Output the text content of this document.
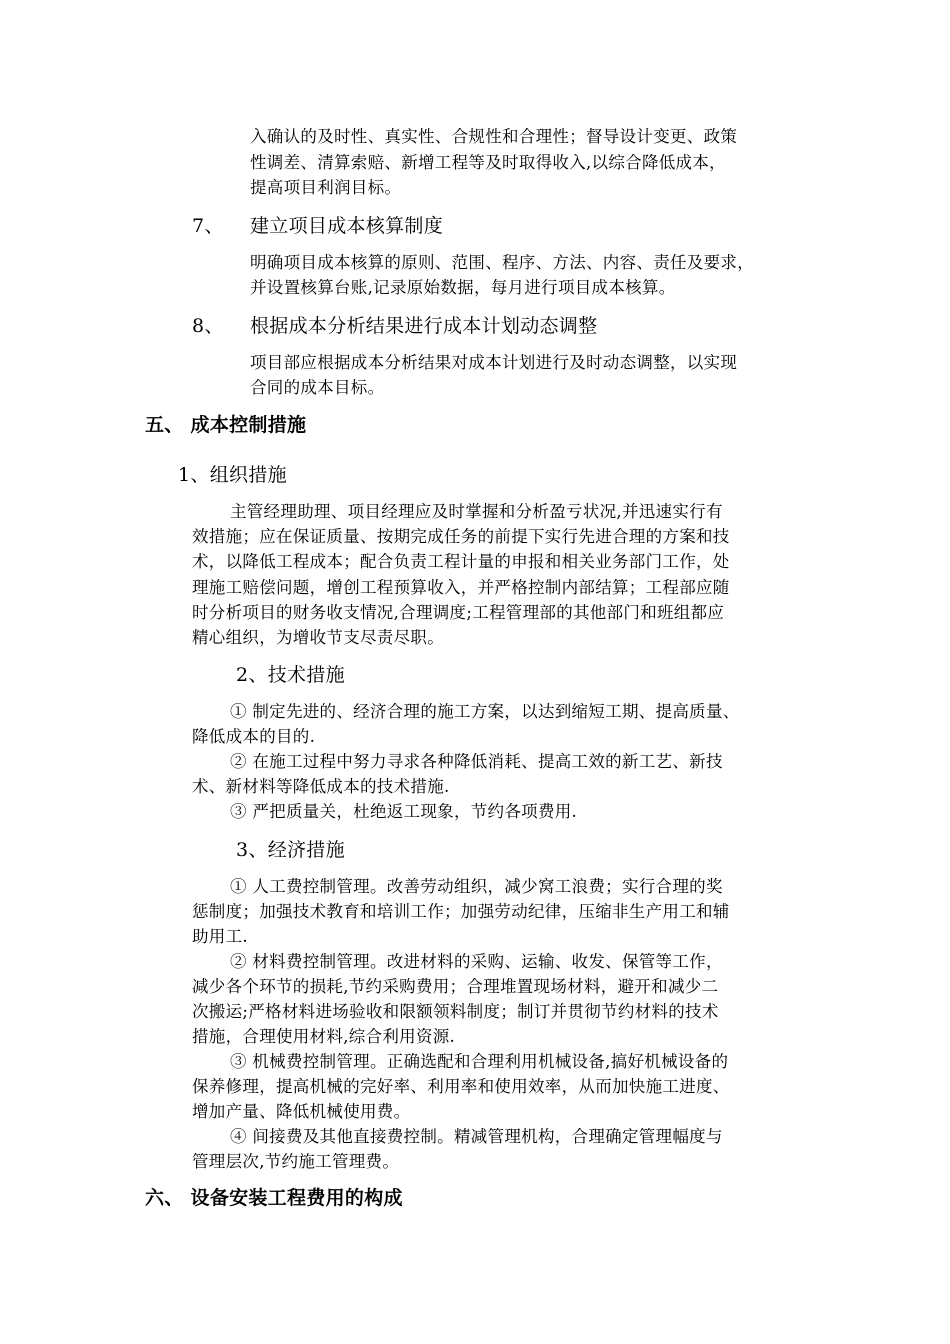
入确认的及时性、真实性、合规性和合理性；督导设计变更、政策
性调差、清算索赔、新增工程等及时取得收入,以综合降低成本，
提高项目利润目标。
7、 建立项目成本核算制度
明确项目成本核算的原则、范围、程序、方法、内容、责任及要求，
并设置核算台账,记录原始数据，每月进行项目成本核算。
8、 根据成本分析结果进行成本计划动态调整
项目部应根据成本分析结果对成本计划进行及时动态调整，以实现
合同的成本目标。
五、 成本控制措施
1、组织措施
主管经理助理、项目经理应及时掌握和分析盈亏状况,并迅速实行有
效措施；应在保证质量、按期完成任务的前提下实行先进合理的方案和技
术，以降低工程成本；配合负责工程计量的申报和相关业务部门工作，处
理施工赔偿问题，增创工程预算收入，并严格控制内部结算；工程部应随
时分析项目的财务收支情况,合理调度;工程管理部的其他部门和班组都应
精心组织，为增收节支尽责尽职。
2、技术措施
① 制定先进的、经济合理的施工方案，以达到缩短工期、提高质量、
降低成本的目的.
② 在施工过程中努力寻求各种降低消耗、提高工效的新工艺、新技
术、新材料等降低成本的技术措施.
③ 严把质量关，杜绝返工现象，节约各项费用.
3、经济措施
① 人工费控制管理。改善劳动组织，减少窝工浪费；实行合理的奖
惩制度；加强技术教育和培训工作；加强劳动纪律，压缩非生产用工和辅
助用工.
② 材料费控制管理。改进材料的采购、运输、收发、保管等工作，
减少各个环节的损耗,节约采购费用；合理堆置现场材料，避开和减少二
次搬运;严格材料进场验收和限额领料制度；制订并贯彻节约材料的技术
措施，合理使用材料,综合利用资源.
③ 机械费控制管理。正确选配和合理利用机械设备,搞好机械设备的
保养修理，提高机械的完好率、利用率和使用效率，从而加快施工进度、
增加产量、降低机械使用费。
④ 间接费及其他直接费控制。精减管理机构，合理确定管理幅度与
管理层次,节约施工管理费。
六、 设备安装工程费用的构成
